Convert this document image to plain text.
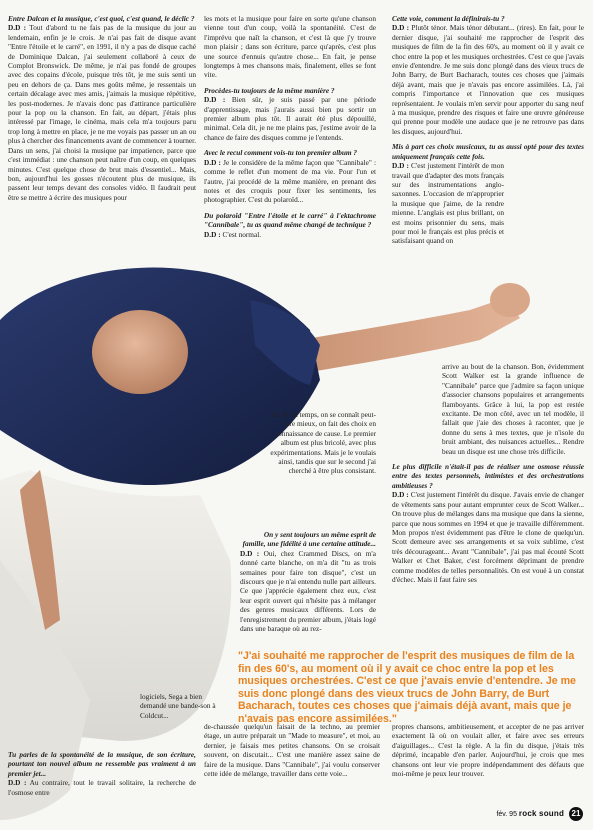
Entre Dalcan et la musique, c'est quoi, c'est quand, le déclic ?

D.D : Tout d'abord tu ne fais pas de la musique du jour au lendemain, enfin je le crois. Je n'ai pas fait de disque avant "Entre l'étoile et le carré", en 1991, il n'y a pas de disque caché de Dominique Dalcan, j'ai seulement collaboré à ceux de Complot Bronswick. De même, je n'ai pas fondé de groupes avec des copains d'école, puisque très tôt, je me suis senti un peu en dehors de ça. Dans mes goûts même, je ressentais un certain décalage avec mes amis, j'aimais la musique répétitive, les post-modernes. Je n'avais donc pas d'attirance particulière pour la pop ou la chanson. En fait, au départ, j'étais plus intéressé par l'image, le cinéma, mais cela m'a toujours paru trop long à mettre en place, je ne me voyais pas passer un an ou plus à chercher des financements avant de commencer à tourner. Dans un sens, j'ai choisi la musique par impatience, parce que c'est immédiat : une chanson peut naître d'un coup, en quelques minutes. C'est quelque chose de brut mais d'essentiel... Mais, bon, aujourd'hui les gosses n'écoutent plus de musique, ils passent leur temps devant des consoles vidéo. Il faudrait peut être se mettre à écrire des musiques pour

logiciels, Sega a bien demandé une bande-son à Coldcut...

Tu parles de la spontanéité de la musique, de son écriture, pourtant ton nouvel album ne ressemble pas vraiment à un premier jet...

D.D : Au contraire, tout le travail solitaire, la recherche de l'osmose entre

les mots et la musique pour faire en sorte qu'une chanson vienne tout d'un coup, voilà la spontanéité. C'est de l'imprévu que naît la chanson, et c'est là que j'y trouve mon plaisir ; dans son écriture, parce qu'après, c'est plus une source d'ennuis qu'autre chose... En fait, je pense longtemps à mes chansons mais, finalement, elles se font vite.

Procèdes-tu toujours de la même manière ?

D.D : Bien sûr, je suis passé par une période d'apprentissage, mais j'aurais aussi bien pu sortir un premier album plus tôt. Il aurait été plus dépouillé, minimal. Cela dit, je ne me plains pas, j'estime avoir de la chance de faire des disques comme je l'entends.

Avec le recul comment vois-tu ton premier album ?

D.D : Je le considère de la même façon que "Cannibale" : comme le reflet d'un moment de ma vie. Pour l'un et l'autre, j'ai procédé de la même manière, en prenant des notes et des croquis pour fixer les sentiments, les photographier. C'est du polaroïd...

Du polaroïd "Entre l'étoile et le carré" à l'ektachrome "Cannibale", tu as quand même changé de technique ?

D.D : C'est normal.

Au fil du temps, on se connaît peut-être mieux, on fait des choix en connaissance de cause. Le premier album est plus bricolé, avec plus expérimentations. Mais je le voulais ainsi, tandis que sur le second j'ai cherché à être plus consistant.

On y sent toujours un même esprit de famille, une fidélité à une certaine attitude...

D.D : Oui, chez Crammed Discs, on m'a donné carte blanche, on m'a dit "tu as trois semaines pour faire ton disque", c'est un discours que je n'ai entendu nulle part ailleurs. Ce que j'apprécie également chez eux, c'est leur esprit ouvert qui n'hésite pas à mélanger des genres musicaux différents. Lors de l'enregistrement du premier album, j'étais logé dans une baraque où au rez-

de-chaussée quelqu'un faisait de la techno, au premier étage, un autre préparait un "Made to measure", et moi, au dernier, je faisais mes petites chansons. On se croisait souvent, on discutait... C'est une manière assez saine de faire de la musique. Dans "Cannibale", j'ai voulu conserver cette idée de mélange, travailler dans cette voie...

Cette voie, comment la définirais-tu ?

D.D : Plutôt ténor. Mais ténor débutant... (rires). En fait, pour le dernier disque, j'ai souhaité me rapprocher de l'esprit des musiques de film de la fin des 60's, au moment où il y avait ce choc entre la pop et les musiques orchestrées. C'est ce que j'avais envie d'entendre. Je me suis donc plongé dans des vieux trucs de John Barry, de Burt Bacharach, toutes ces choses que j'aimais déjà avant, mais que je n'avais pas encore assimilées. Là, j'ai compris l'importance et l'innovation que ces musiques représentaient. Je voulais m'en servir pour apporter du sang neuf à ma musique, prendre des risques et faire une œuvre généreuse qui prenne pour modèle une audace que je ne retrouve pas dans les disques, aujourd'hui.

Mis à part ces choix musicaux, tu as aussi opté pour des textes uniquement français cette fois.

D.D : C'est justement l'intérêt de mon travail que d'adapter des mots français sur des instrumentations anglo-saxonnes. L'occasion de m'approprier la musique que j'aime, de la rendre mienne. L'anglais est plus brillant, on est moins prisonnier du sens, mais pour moi le français est plus précis et satisfaisant quand on

arrive au bout de la chanson. Bon, évidemment Scott Walker est la grande influence de "Cannibale" parce que j'admire sa façon unique d'associer chansons populaires et arrangements flamboyants. Grâce à lui, la pop est restée excitante. De mon côté, avec un tel modèle, il fallait que j'aie des choses à raconter, que je donne du sens à mes textes, que je n'isole du bruit ambiant, des nuisances actuelles... Rendre beau un disque est une chose très difficile.

Le plus difficile n'était-il pas de réaliser une osmose réussie entre des textes personnels, intimistes et des orchestrations ambitieuses ?

D.D : C'est justement l'intérêt du disque. J'avais envie de changer de vêtements sans pour autant emprunter ceux de Scott Walker... On trouve plus de mélanges dans ma musique que dans la sienne, parce que nous sommes en 1994 et que je travaille différemment. Mon propos n'est évidemment pas d'être le clone de quelqu'un. Scott demeure avec ses arrangements et sa voix sublime, c'est très décourageant... Avant "Cannibale", j'ai pas mal écouté Scott Walker et Chet Baker, c'est forcément déprimant de prendre comme modèles de telles personnalités. On est voué à un constat d'échec. Mais il faut faire ses

propres chansons, ambitieusement, et accepter de ne pas arriver exactement là où on voulait aller, et faire avec ses erreurs d'aiguillages... C'est la règle. A la fin du disque, j'étais très déprimé, incapable d'en parler. Aujourd'hui, je crois que mes chansons ont leur vie propre indépendamment des défauts que moi-même je peux leur trouver.
"J'ai souhaité me rapprocher de l'esprit des musiques de film de la fin des 60's, au moment où il y avait ce choc entre la pop et les musiques orchestrées. C'est ce que j'avais envie d'entendre. Je me suis donc plongé dans des vieux trucs de John Barry, de Burt Bacharach, toutes ces choses que j'aimais déjà avant, mais que je n'avais pas encore assimilées."
fév. 95 rock sound 21
